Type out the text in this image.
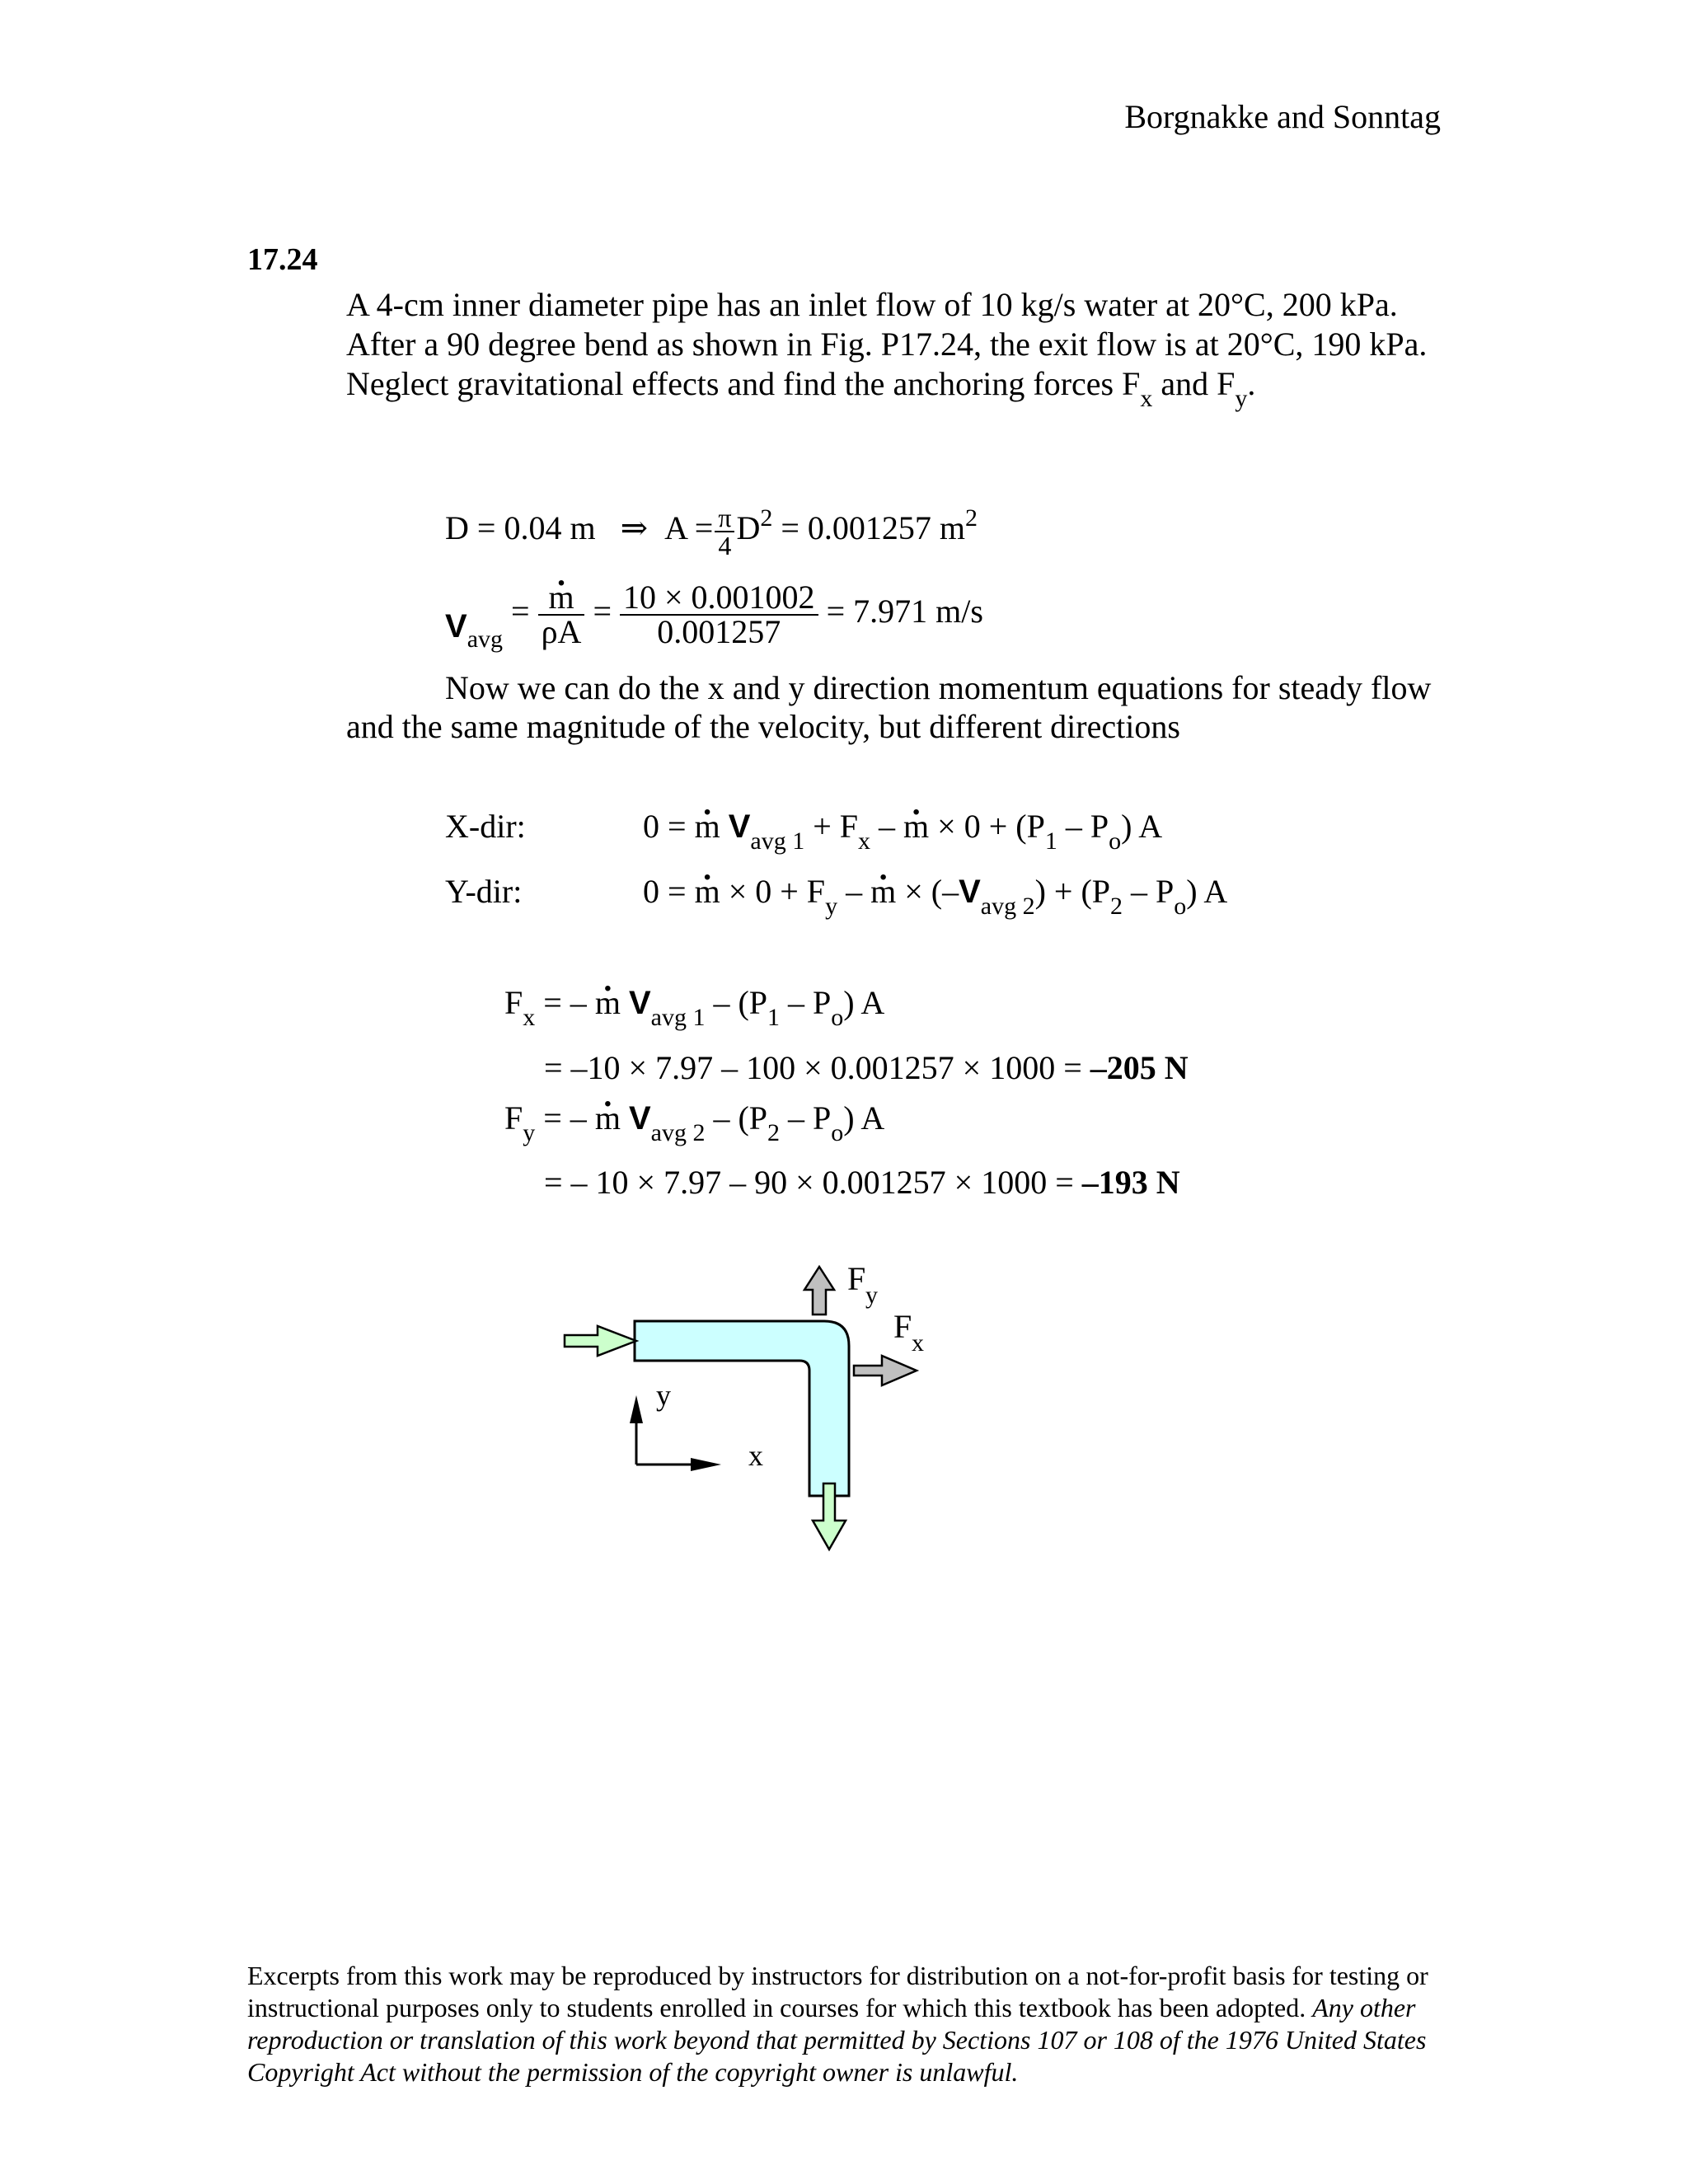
Borgnakke and Sonntag
17.24
A 4-cm inner diameter pipe has an inlet flow of 10 kg/s water at 20°C, 200 kPa.
After a 90 degree bend as shown in Fig. P17.24, the exit flow is at 20°C, 190 kPa.
Neglect gravitational effects and find the anchoring forces $F_x$ and $F_y$.
D = 0.04 m ⇒ $A = \frac{\pi}{4} D^2 = 0.001257$ $m^2$
$V_{avg}$ =
. $\frac{m}{\rho A} = \frac{10 \times 0.001002}{0.001257} = 7.971$ m/s
Now we can do the x and y direction momentum equations for steady flow
and the same magnitude of the velocity, but different directions
X-dir:	0 = . m $V_{avg 1} + F_x$ – . $m \times 0 + (P_1 - P_o)$ A
Y-dir:	0 = . $m \times 0 + F_y$ – . $m \times (-V_{avg 2}) + (P_2 - P_o)$ A
$F_x$ = – . m $V_{avg 1} - (P_1 - P_o)$ A
= –10 × 7.97 – 100 × 0.001257 × 1000 = –205 N
$F_y$ = – . m $V_{avg 2} - (P_2 - P_o)$ A
= – 10 × 7.97 – 90 × 0.001257 × 1000 = –193 N
F y
F x
y
x
Excerpts from this work may be reproduced by instructors for distribution on a not-for-profit basis for testing or instructional purposes only to students enrolled in courses for which this textbook has been adopted. Any other reproduction or translation of this work beyond that permitted by Sections 107 or 108 of the 1976 United States Copyright Act without the permission of the copyright owner is unlawful.
